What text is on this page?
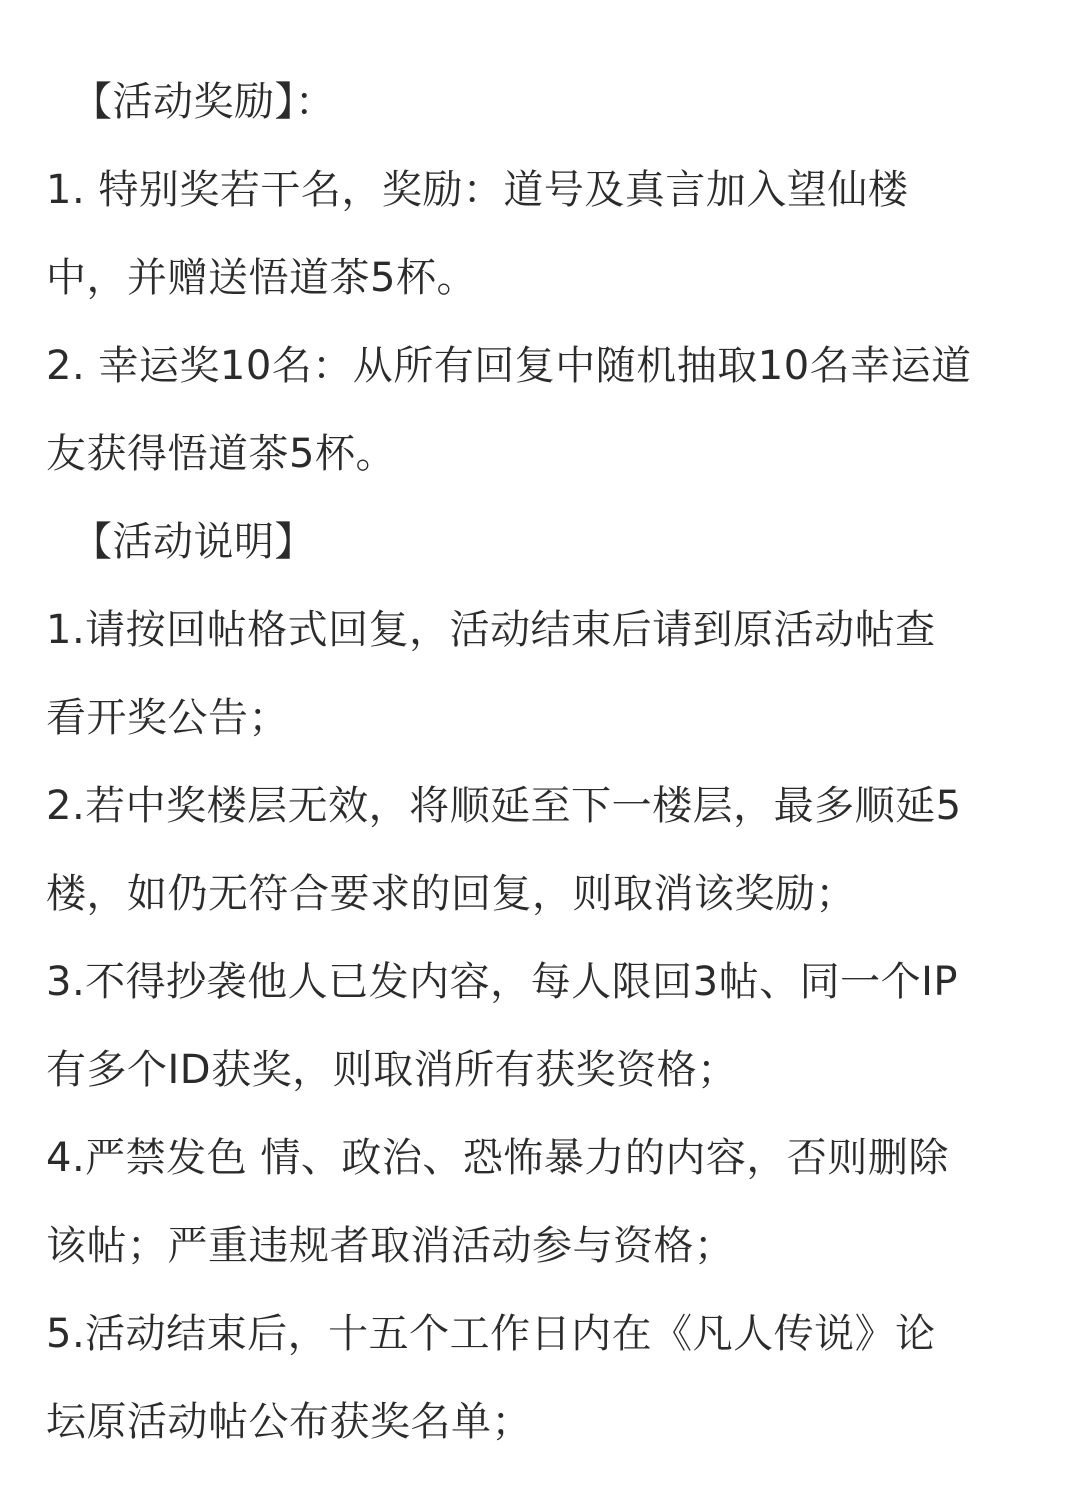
【活动奖励】：
1. 特别奖若干名，奖励：道号及真言加入望仙楼
中，并赠送悟道茶5杯。
2. 幸运奖10名：从所有回复中随机抽取10名幸运道
友获得悟道茶5杯。
【活动说明】
1.请按回帖格式回复，活动结束后请到原活动帖查
看开奖公告；
2.若中奖楼层无效，将顺延至下一楼层，最多顺延5
楼，如仍无符合要求的回复，则取消该奖励；
3.不得抄袭他人已发内容，每人限回3帖、同一个IP
有多个ID获奖，则取消所有获奖资格；
4.严禁发色 情、政治、恐怖暴力的内容，否则删除
该帖；严重违规者取消活动参与资格；
5.活动结束后，十五个工作日内在《凡人传说》论
坛原活动帖公布获奖名单；
